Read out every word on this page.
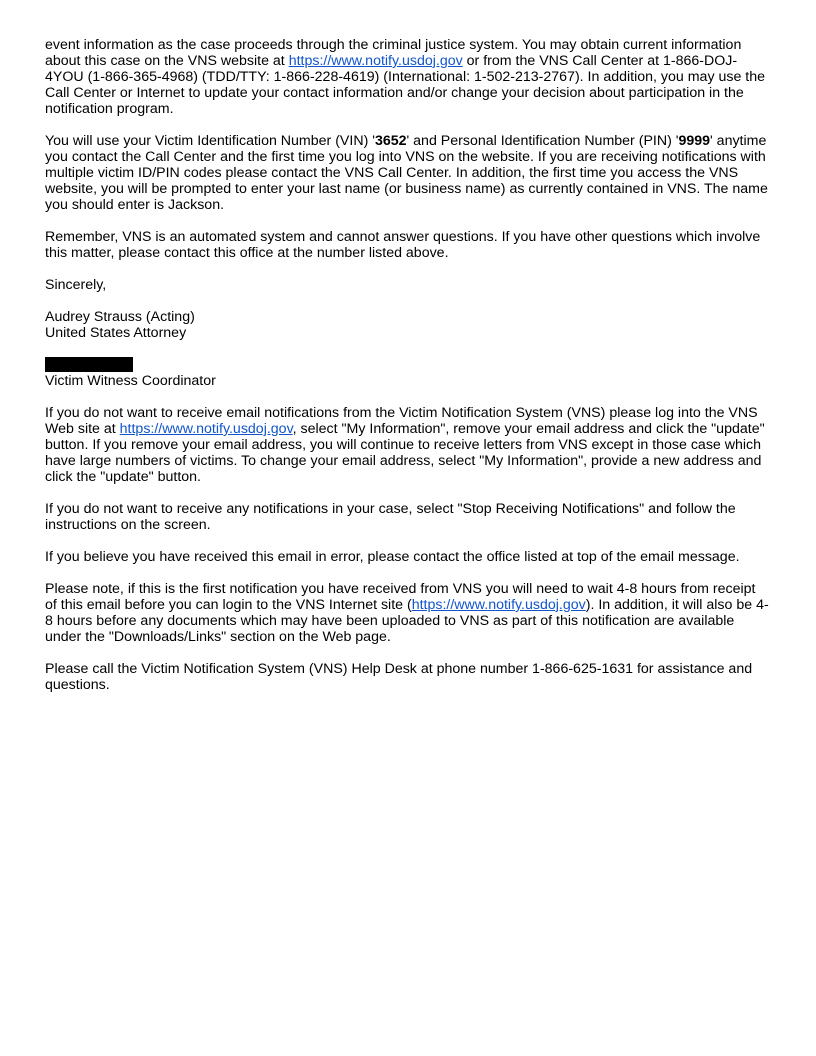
event information as the case proceeds through the criminal justice system. You may obtain current information about this case on the VNS website at https://www.notify.usdoj.gov or from the VNS Call Center at 1-866-DOJ-4YOU (1-866-365-4968) (TDD/TTY: 1-866-228-4619) (International: 1-502-213-2767). In addition, you may use the Call Center or Internet to update your contact information and/or change your decision about participation in the notification program.

You will use your Victim Identification Number (VIN) '3652' and Personal Identification Number (PIN) '9999' anytime you contact the Call Center and the first time you log into VNS on the website. If you are receiving notifications with multiple victim ID/PIN codes please contact the VNS Call Center. In addition, the first time you access the VNS website, you will be prompted to enter your last name (or business name) as currently contained in VNS. The name you should enter is Jackson.

Remember, VNS is an automated system and cannot answer questions. If you have other questions which involve this matter, please contact this office at the number listed above.

Sincerely,

Audrey Strauss (Acting)
United States Attorney

Victim Witness Coordinator

If you do not want to receive email notifications from the Victim Notification System (VNS) please log into the VNS Web site at https://www.notify.usdoj.gov, select "My Information", remove your email address and click the "update" button. If you remove your email address, you will continue to receive letters from VNS except in those case which have large numbers of victims. To change your email address, select "My Information", provide a new address and click the "update" button.

If you do not want to receive any notifications in your case, select "Stop Receiving Notifications" and follow the instructions on the screen.

If you believe you have received this email in error, please contact the office listed at top of the email message.

Please note, if this is the first notification you have received from VNS you will need to wait 4-8 hours from receipt of this email before you can login to the VNS Internet site (https://www.notify.usdoj.gov). In addition, it will also be 4-8 hours before any documents which may have been uploaded to VNS as part of this notification are available under the "Downloads/Links" section on the Web page.

Please call the Victim Notification System (VNS) Help Desk at phone number 1-866-625-1631 for assistance and questions.
